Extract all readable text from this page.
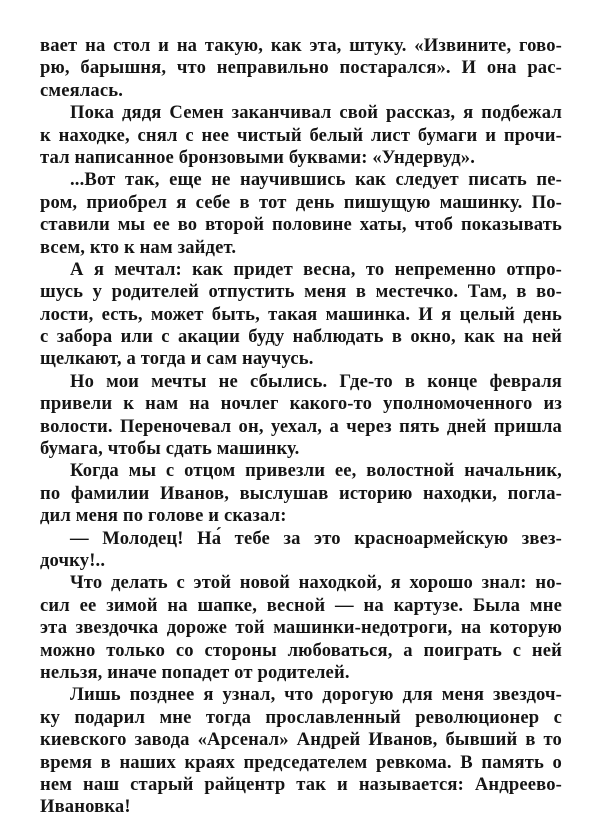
вает на стол и на такую, как эта, штуку. «Извините, гово-
рю, барышня, что неправильно постарался». И она рас-
смеялась.
Пока дядя Семен заканчивал свой рассказ, я подбежал
к находке, снял с нее чистый белый лист бумаги и прочи-
тал написанное бронзовыми буквами: «Ундервуд».
...Вот так, еще не научившись как следует писать пе-
ром, приобрел я себе в тот день пишущую машинку. По-
ставили мы ее во второй половине хаты, чтоб показывать
всем, кто к нам зайдет.
А я мечтал: как придет весна, то непременно отпро-
шусь у родителей отпустить меня в местечко. Там, в во-
лости, есть, может быть, такая машинка. И я целый день
с забора или с акации буду наблюдать в окно, как на ней
щелкают, а тогда и сам научусь.
Но мои мечты не сбылись. Где-то в конце февраля
привели к нам на ночлег какого-то уполномоченного из
волости. Переночевал он, уехал, а через пять дней пришла
бумага, чтобы сдать машинку.
Когда мы с отцом привезли ее, волостной начальник,
по фамилии Иванов, выслушав историю находки, погла-
дил меня по голове и сказал:
— Молодец! На́ тебе за это красноармейскую звез-
дочку!..
Что делать с этой новой находкой, я хорошо знал: но-
сил ее зимой на шапке, весной — на картузе. Была мне
эта звездочка дороже той машинки-недотроги, на которую
можно только со стороны любоваться, а поиграть с ней
нельзя, иначе попадет от родителей.
Лишь позднее я узнал, что дорогую для меня звездоч-
ку подарил мне тогда прославленный революционер с
киевского завода «Арсенал» Андрей Иванов, бывший в то
время в наших краях председателем ревкома. В память о
нем наш старый райцентр так и называется: Андреево-
Ивановка!
